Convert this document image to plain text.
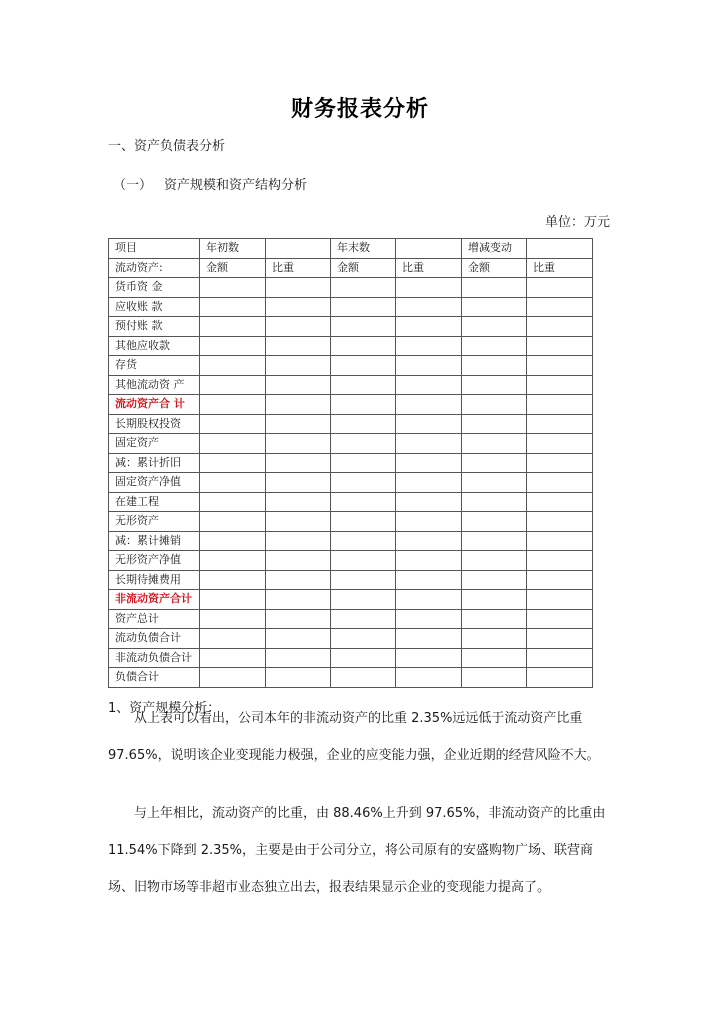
财务报表分析
一、资产负债表分析
（一） 资产规模和资产结构分析
单位：万元
项目	年初数		年末数		增减变动	
流动资产:	金额	比重	金额	比重	金额	比重
货币资 金						
应收账 款						
预付账 款						
其他应收款						
存货						
其他流动资 产						
流动资产合 计						
长期股权投资						
固定资产						
减：累计折旧						
固定资产净值						
在建工程						
无形资产						
减：累计摊销						
无形资产净值						
长期待摊费用						
非流动资产合计						
资产总计						
流动负债合计						
非流动负债合计						
负债合计						
1、资产规模分析：

从上表可以看出，公司本年的非流动资产的比重 2.35%远远低于流动资产比重 97.65%，说明该企业变现能力极强，企业的应变能力强，企业近期的经营风险不大。

与上年相比，流动资产的比重，由 88.46%上升到 97.65%，非流动资产的比重由 11.54%下降到 2.35%，主要是由于公司分立，将公司原有的安盛购物广场、联营商场、旧物市场等非超市业态独立出去，报表结果显示企业的变现能力提高了。
